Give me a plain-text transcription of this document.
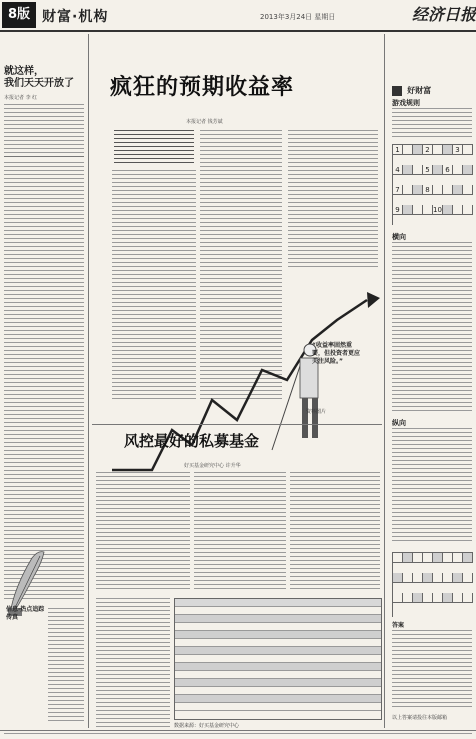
8版 财富·机构	2013年3月24日 星期日	经济日报
就这样，
我们天天开放了
本报记者 李 红
信息·热点追踪
传真
疯狂的预期收益率
本报记者 钱芳斌
“收益率固然重要，但投资者更应关注风险。”
资料图片
风控最好的私募基金
好买基金研究中心 许升华
数据来源：好买基金研究中心
好财富
游戏规则
1	2	3
4	5	6
7	8
9	10
横向
纵向
答案
以上答案请投往本版邮箱
